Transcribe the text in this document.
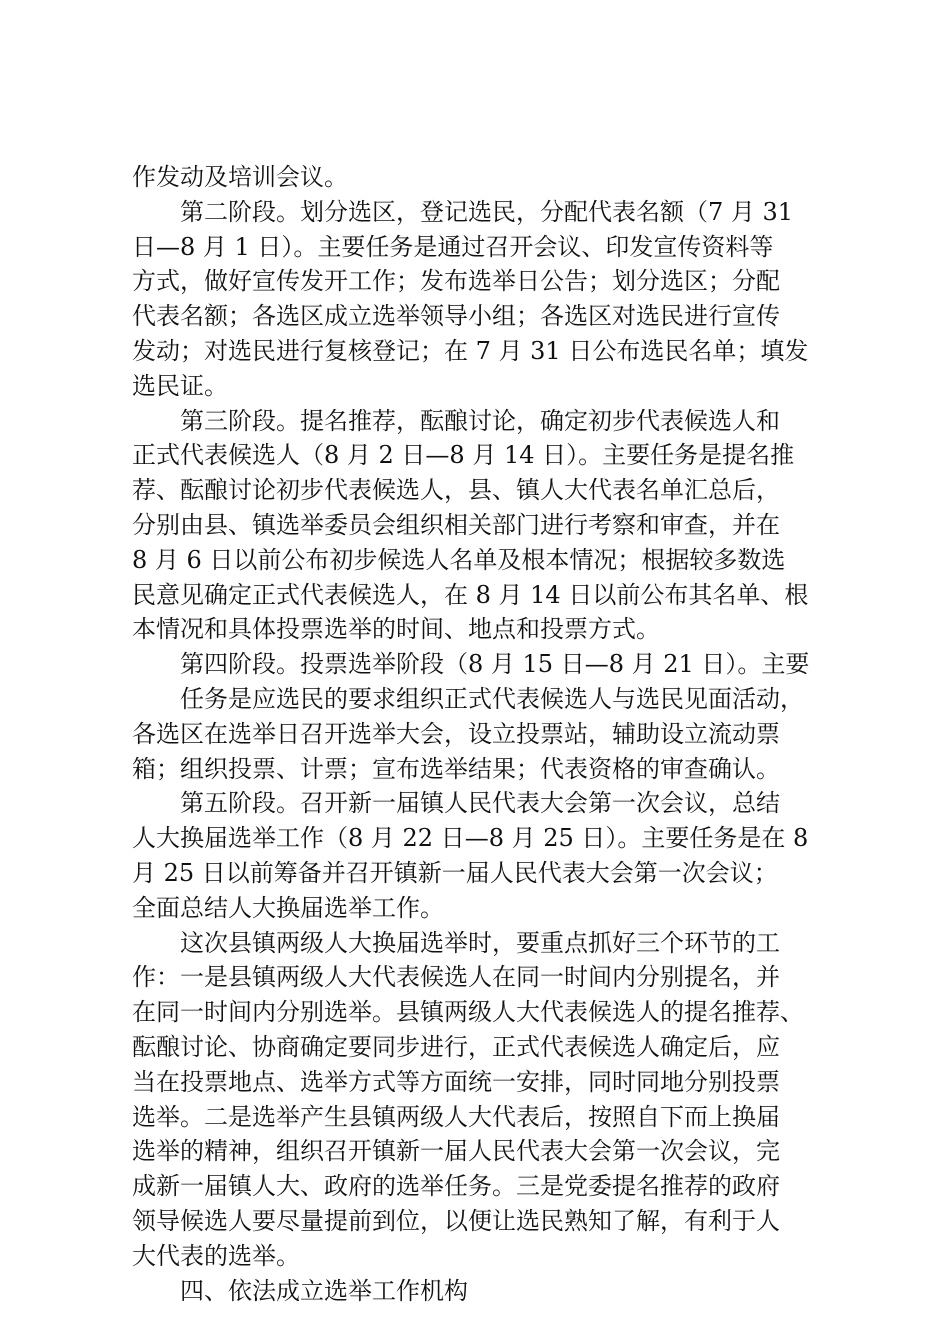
作发动及培训会议。
第二阶段。划分选区，登记选民，分配代表名额（7 月 31
日—8 月 1 日）。主要任务是通过召开会议、印发宣传资料等
方式，做好宣传发开工作；发布选举日公告；划分选区；分配
代表名额；各选区成立选举领导小组；各选区对选民进行宣传
发动；对选民进行复核登记；在 7 月 31 日公布选民名单；填发
选民证。
第三阶段。提名推荐，酝酿讨论，确定初步代表候选人和
正式代表候选人（8 月 2 日—8 月 14 日）。主要任务是提名推
荐、酝酿讨论初步代表候选人，县、镇人大代表名单汇总后，
分别由县、镇选举委员会组织相关部门进行考察和审查，并在
8 月 6 日以前公布初步候选人名单及根本情况；根据较多数选
民意见确定正式代表候选人，在 8 月 14 日以前公布其名单、根
本情况和具体投票选举的时间、地点和投票方式。
第四阶段。投票选举阶段（8 月 15 日—8 月 21 日）。主要
任务是应选民的要求组织正式代表候选人与选民见面活动，
各选区在选举日召开选举大会，设立投票站，辅助设立流动票
箱；组织投票、计票；宣布选举结果；代表资格的审查确认。
第五阶段。召开新一届镇人民代表大会第一次会议，总结
人大换届选举工作（8 月 22 日—8 月 25 日）。主要任务是在 8
月 25 日以前筹备并召开镇新一届人民代表大会第一次会议；
全面总结人大换届选举工作。
这次县镇两级人大换届选举时，要重点抓好三个环节的工
作：一是县镇两级人大代表候选人在同一时间内分别提名，并
在同一时间内分别选举。县镇两级人大代表候选人的提名推荐、
酝酿讨论、协商确定要同步进行，正式代表候选人确定后，应
当在投票地点、选举方式等方面统一安排，同时同地分别投票
选举。二是选举产生县镇两级人大代表后，按照自下而上换届
选举的精神，组织召开镇新一届人民代表大会第一次会议，完
成新一届镇人大、政府的选举任务。三是党委提名推荐的政府
领导候选人要尽量提前到位，以便让选民熟知了解，有利于人
大代表的选举。
四、依法成立选举工作机构
